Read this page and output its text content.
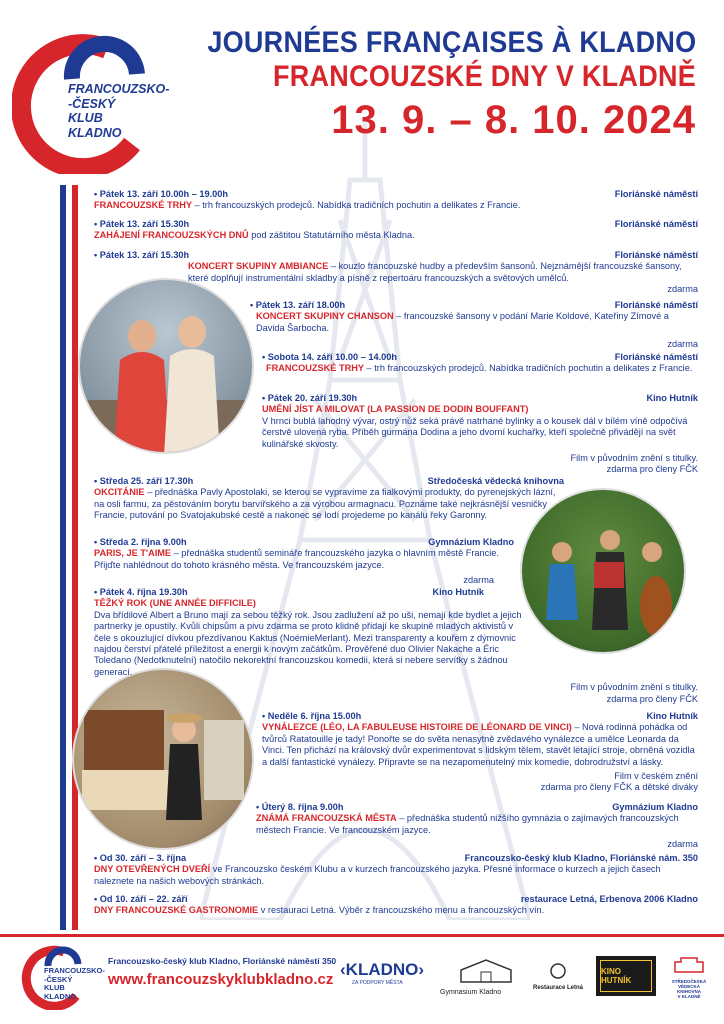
FRANCOUZSKO-
-ČESKÝ
KLUB
KLADNO
JOURNÉES FRANÇAISES À KLADNO
FRANCOUZSKÉ DNY V KLADNĚ
13. 9. – 8. 10. 2024
• Pátek 13. září 10.00h – 19.00h	Floriánské náměstí
FRANCOUZSKÉ TRHY – trh francouzských prodejců. Nabídka tradičních pochutin a delikates z Francie.
• Pátek 13. září 15.30h	Floriánské náměstí
ZAHÁJENÍ FRANCOUZSKÝCH DNŮ pod záštitou Statutárního města Kladna.
• Pátek 13. září 15.30h	Floriánské náměstí
KONCERT SKUPINY AMBIANCE – kouzlo francouzské hudby a především šansonů. Nejznámější francouzské šansony, které doplňují instrumentální skladby a písně z repertoáru francouzských a světových umělců.
zdarma
• Pátek 13. září 18.00h	Floriánské náměstí
KONCERT SKUPINY CHANSON – francouzské šansony v podání Marie Koldové, Kateřiny Zímové a Davida Šarbocha.
zdarma
• Sobota 14. září 10.00 – 14.00h	Floriánské náměstí
FRANCOUZSKÉ TRHY – trh francouzských prodejců. Nabídka tradičních pochutin a delikates z Francie.
• Pátek 20. září 19.30h	Kino Hutník
UMĚNÍ JÍST A MILOVAT (LA PASSION DE DODIN BOUFFANT)
V hrnci bublá lahodný vývar, ostrý nůž seká právě natrhané bylinky a o kousek dál v bílém víně odpočívá čerstvě ulovená ryba. Příběh gurmána Dodina a jeho dvorní kuchařky, kteří společně přivádějí na svět kulinářské skvosty.
Film v původním znění s titulky.
zdarma pro členy FČK
• Středa 25. září 17.30h	Středočeská vědecká knihovna
OKCITÁNIE – přednáška Pavly Apostolaki, se kterou se vypravíme za fialkovými produkty, do pyrenejských lázní, na osli farmu, za pěstováním borytu barvířského a za výrobou armagnacu. Poznáme také nejkrásnější vesničky Francie, putování po Svatojakubské cestě a nakonec se lodí projedeme po kanálu řeky Garonny.
• Středa 2. října 9.00h	Gymnázium Kladno
PARIS, JE T'AIME – přednáška studentů semináře francouzského jazyka o hlavním městě Francie. Přijďte nahlédnout do tohoto krásného města. Ve francouzském jazyce.
zdarma
• Pátek 4. října 19.30h	Kino Hutník
TĚŽKÝ ROK (UNE ANNÉE DIFFICILE)
Dva břídilové Albert a Bruno mají za sebou těžký rok. Jsou zadlužení až po uši, nemají kde bydlet a jejich partnerky je opustily. Kvůli chipsům a pivu zdarma se proto klidně přidají ke skupině mladých aktivistů v čele s okouzlující dívkou přezdívanou Kaktus (NoémieMerlant). Mezi transparenty a kouřem z dýmovnic najdou čerství přátelé příležitost a energii k novým začátkům. Prověřené duo Olivier Nakache a Éric Toledano (Nedotknutelní) natočilo nekorektní francouzskou komedii, která si nebere servítky s žádnou generací.
Film v původním znění s titulky.
zdarma pro členy FČK
• Neděle 6. října 15.00h	Kino Hutník
VYNÁLEZCE (LÉO, LA FABULEUSE HISTOIRE DE LÉONARD DE VINCI) – Nová rodinná pohádka od tvůrců Ratatouille je tady! Ponořte se do světa nenasytně zvědavého vynálezce a umělce Leonarda da Vinci. Ten přichází na královský dvůr experimentovat s lidským tělem, stavět létající stroje, obrněná vozidla a další fantastické vynálezy. Připravte se na nezapomenutelný mix komedie, dobrodružství a lásky.
Film v českém znění
zdarma pro členy FČK a dětské diváky
• Úterý 8. října 9.00h	Gymnázium Kladno
ZNÁMÁ FRANCOUZSKÁ MĚSTA – přednáška studentů nižšího gymnázia o zajímavých francouzských městech Francie. Ve francouzském jazyce.
zdarma
• Od 30. září – 3. října	Francouzsko-český klub Kladno, Floriánské nám. 350
DNY OTEVŘENÝCH DVEŘÍ ve Francouzsko českém Klubu a v kurzech francouzského jazyka. Přesné informace o kurzech a jejich časech naleznete na našich webových stránkách.
• Od 10. září – 22. září	restaurace Letná, Erbenova 2006 Kladno
DNY FRANCOUZSKÉ GASTRONOMIE v restauraci Letná. Výběr z francouzského menu a francouzských vín.
FRANCOUZSKO-
-ČESKÝ
KLUB
KLADNO
Francouzsko-český klub Kladno, Floriánské náměstí 350
www.francouzskyklubkladno.cz
‹KLADNO›
ZA PODPORY MĚSTA
Gymnasium Kladno
Restaurace Letná
KINO HUTNÍK	STŘEDOČESKÁ
VĚDECKÁ
KNIHOVNA
V KLADNĚ
